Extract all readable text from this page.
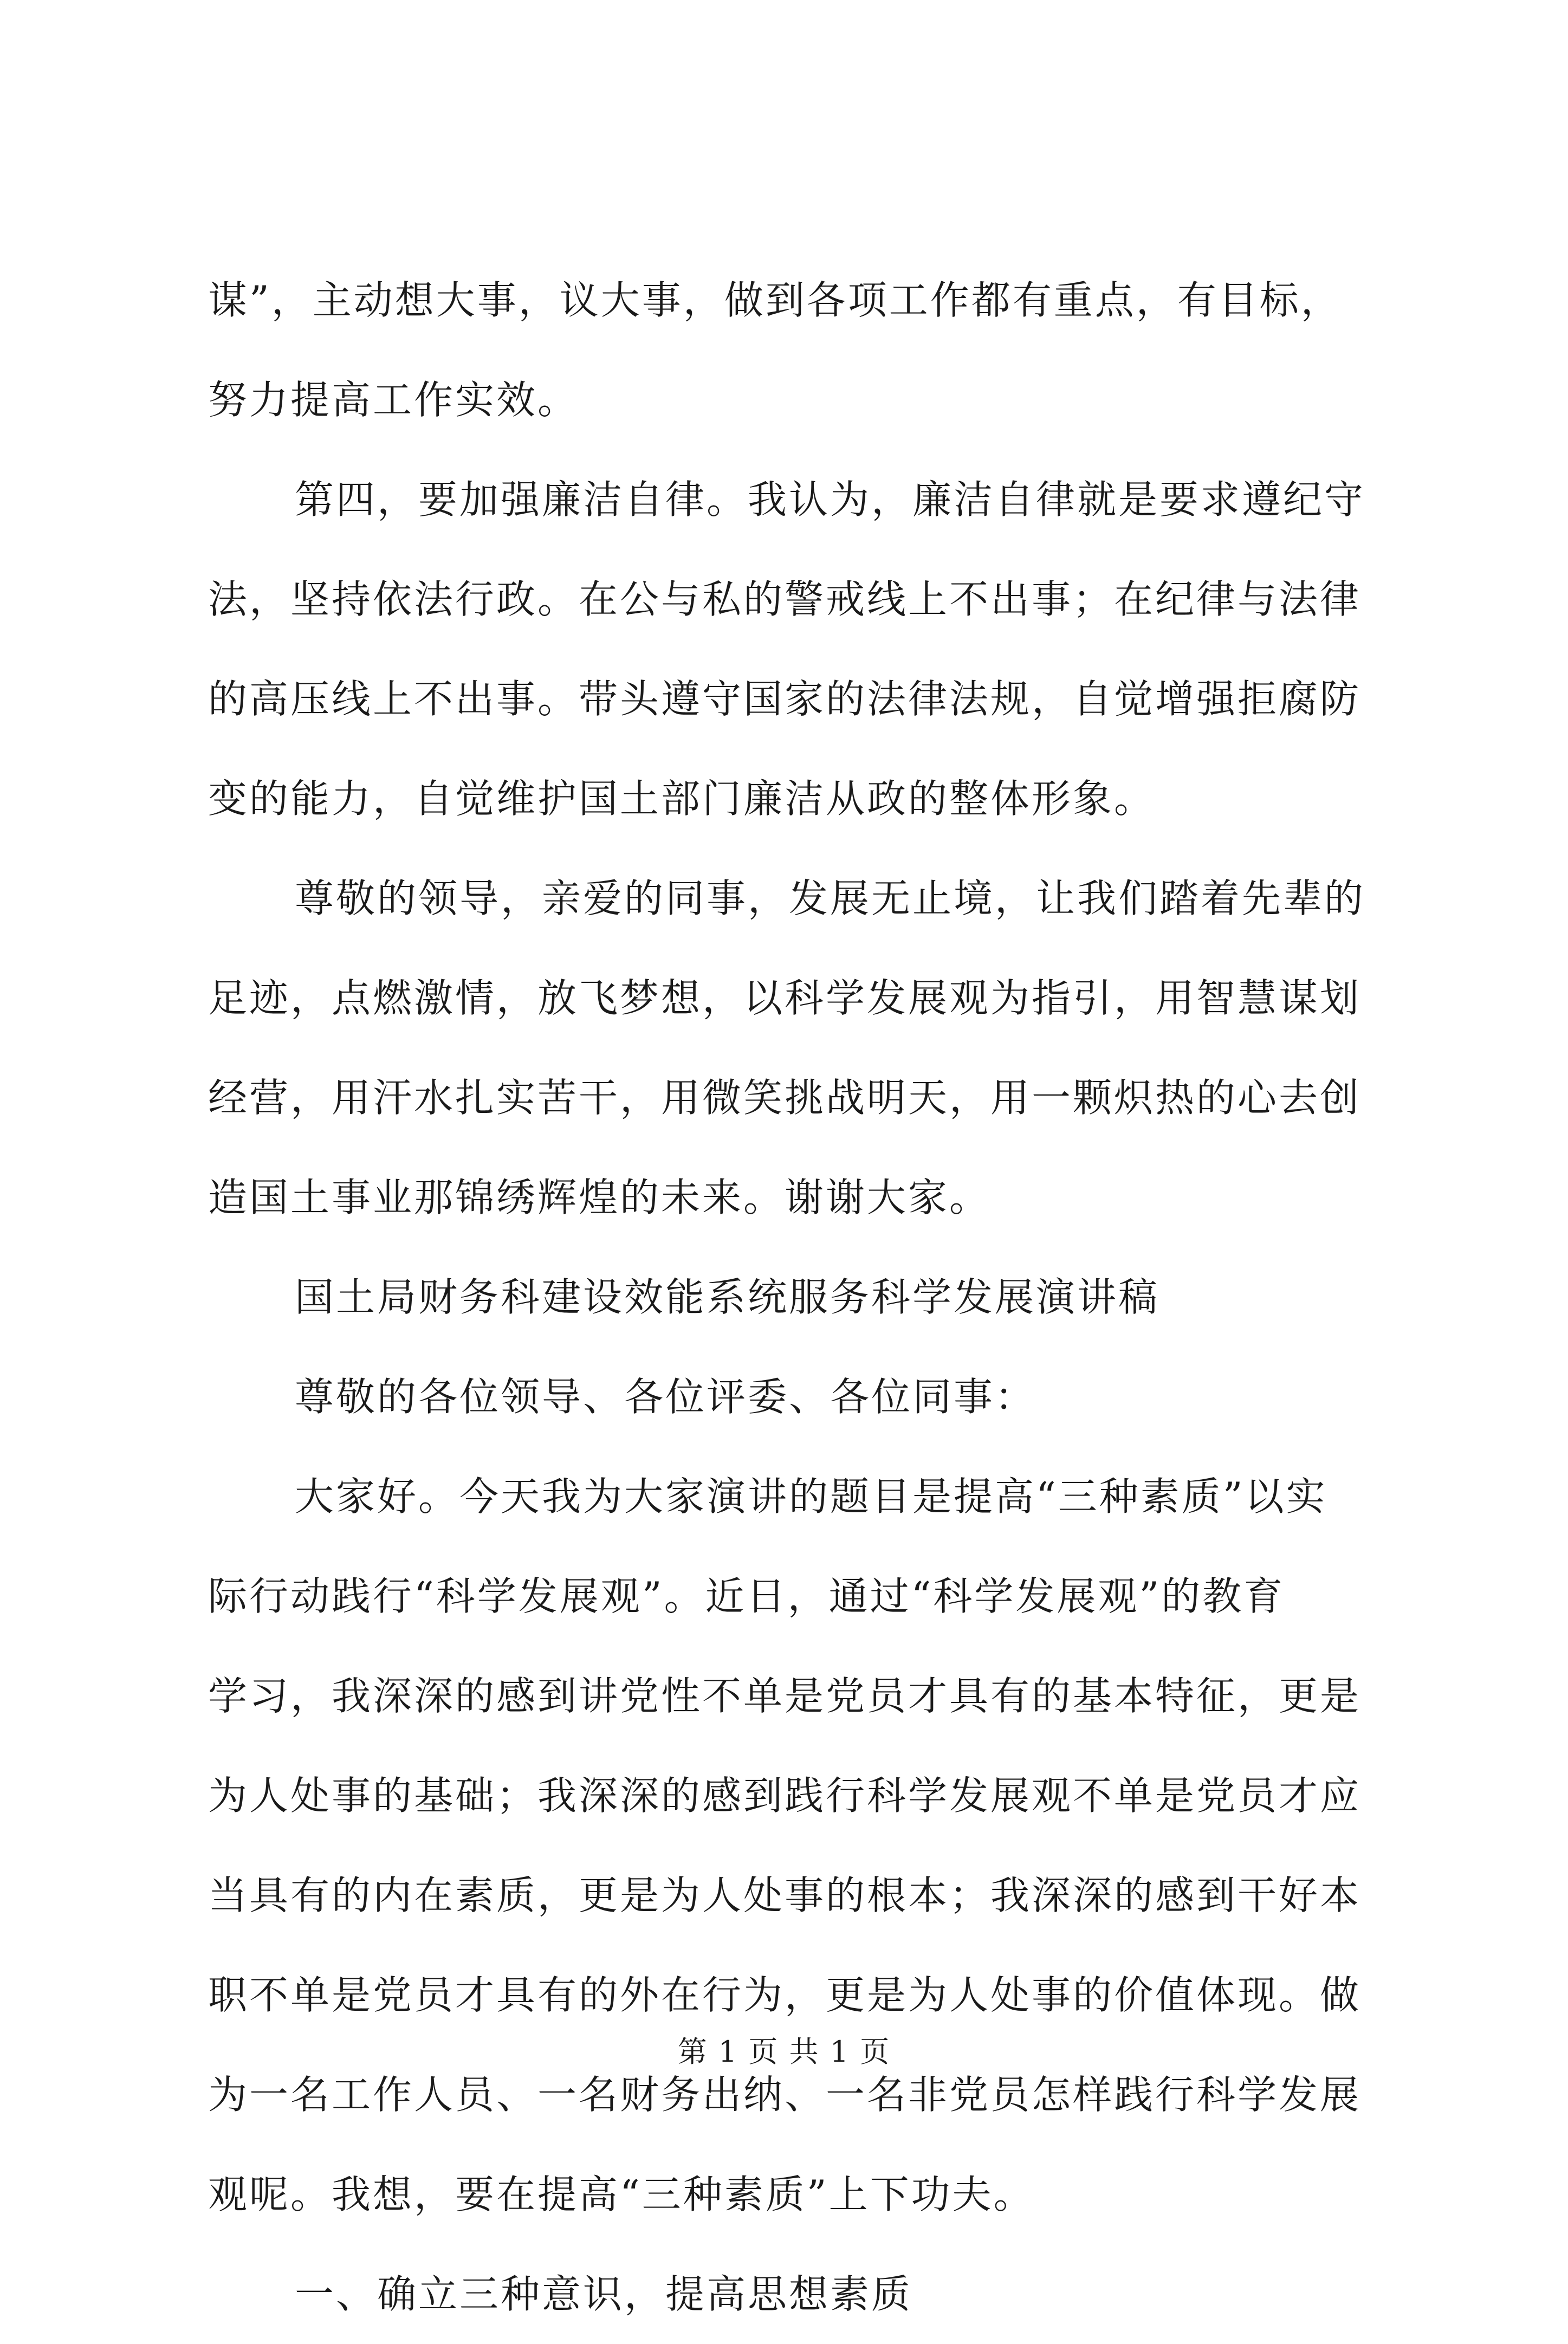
谋”，主动想大事，议大事，做到各项工作都有重点，有目标，
努力提高工作实效。
第四，要加强廉洁自律。我认为，廉洁自律就是要求遵纪守
法，坚持依法行政。在公与私的警戒线上不出事；在纪律与法律
的高压线上不出事。带头遵守国家的法律法规，自觉增强拒腐防
变的能力，自觉维护国土部门廉洁从政的整体形象。
尊敬的领导，亲爱的同事，发展无止境，让我们踏着先辈的
足迹，点燃激情，放飞梦想，以科学发展观为指引，用智慧谋划
经营，用汗水扎实苦干，用微笑挑战明天，用一颗炽热的心去创
造国土事业那锦绣辉煌的未来。谢谢大家。
国土局财务科建设效能系统服务科学发展演讲稿
尊敬的各位领导、各位评委、各位同事：
大家好。今天我为大家演讲的题目是提高“三种素质”以实
际行动践行“科学发展观”。近日，通过“科学发展观”的教育
学习，我深深的感到讲党性不单是党员才具有的基本特征，更是
为人处事的基础；我深深的感到践行科学发展观不单是党员才应
当具有的内在素质，更是为人处事的根本；我深深的感到干好本
职不单是党员才具有的外在行为，更是为人处事的价值体现。做
为一名工作人员、一名财务出纳、一名非党员怎样践行科学发展
观呢。我想，要在提高“三种素质”上下功夫。
一、确立三种意识，提高思想素质
第 1 页 共 1 页
